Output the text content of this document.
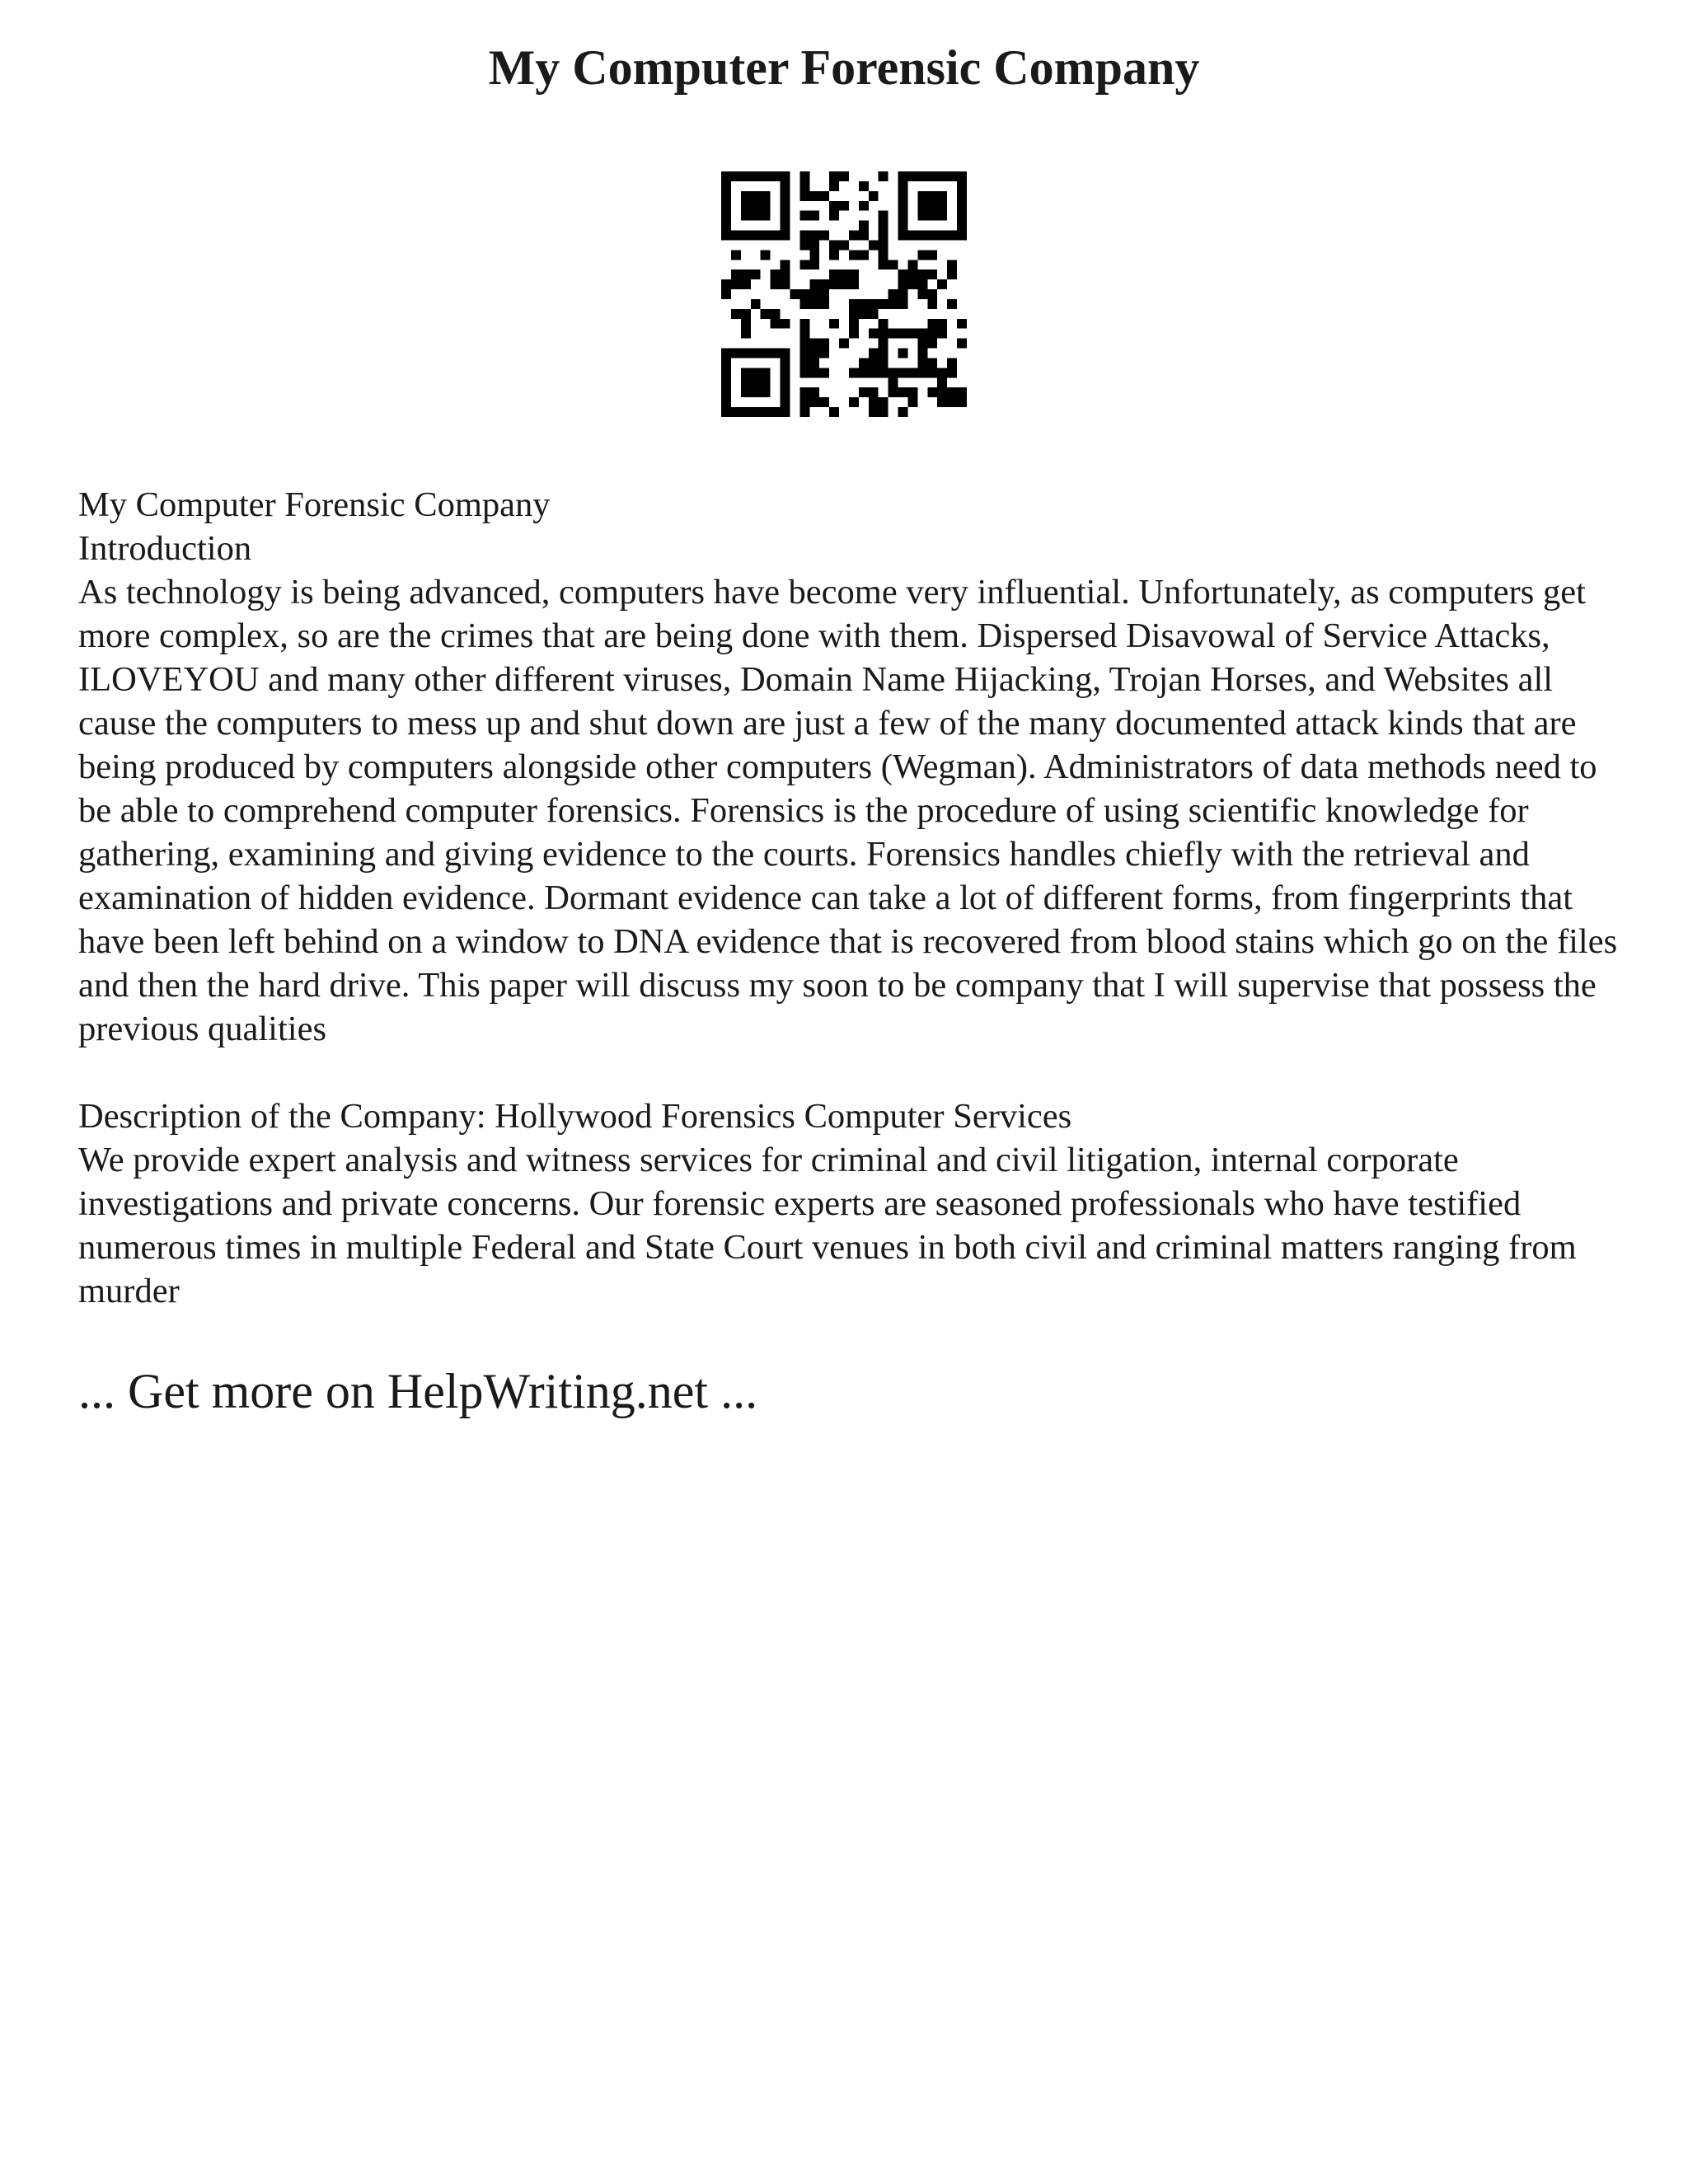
My Computer Forensic Company

My Computer Forensic Company

Introduction

As technology is being advanced, computers have become very influential. Unfortunately, as computers get more complex, so are the crimes that are being done with them. Dispersed Disavowal of Service Attacks, ILOVEYOU and many other different viruses, Domain Name Hijacking, Trojan Horses, and Websites all cause the computers to mess up and shut down are just a few of the many documented attack kinds that are being produced by computers alongside other computers (Wegman). Administrators of data methods need to be able to comprehend computer forensics. Forensics is the procedure of using scientific knowledge for gathering, examining and giving evidence to the courts. Forensics handles chiefly with the retrieval and examination of hidden evidence. Dormant evidence can take a lot of different forms, from fingerprints that have been left behind on a window to DNA evidence that is recovered from blood stains which go on the files and then the hard drive. This paper will discuss my soon to be company that I will supervise that possess the previous qualities

Description of the Company: Hollywood Forensics Computer Services

We provide expert analysis and witness services for criminal and civil litigation, internal corporate investigations and private concerns. Our forensic experts are seasoned professionals who have testified numerous times in multiple Federal and State Court venues in both civil and criminal matters ranging from murder

... Get more on HelpWriting.net ...
